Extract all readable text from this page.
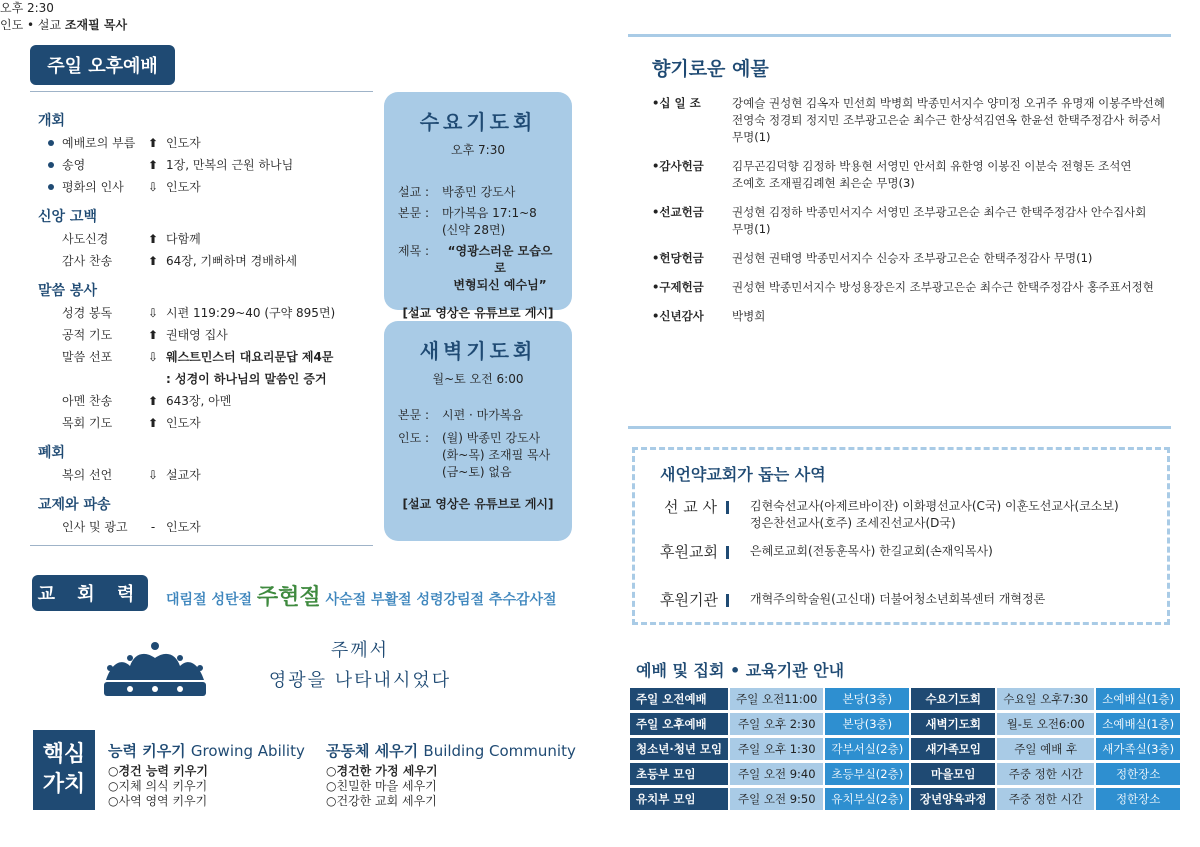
주일 오후예배
오후 2:30
인도 • 설교 조재필 목사
개회
예배로의 부름 ⬆ 인도자
송영	⬆ 1장, 만복의 근원 하나님
평화의 인사 ⇩ 인도자
신앙 고백
사도신경	⬆ 다함께
감사 찬송	⬆ 64장, 기뻐하며 경배하세
말씀 봉사
성경 봉독	⇩ 시편 119:29~40 (구약 895면)
공적 기도	⬆ 권태영 집사
말씀 선포	⇩ 웨스트민스터 대요리문답 제4문
: 성경이 하나님의 말씀인 증거
아멘 찬송	⬆ 643장, 아멘
목회 기도	⬆ 인도자
폐회
복의 선언	⇩ 설교자
교제와 파송
인사 및 광고	- 인도자
수요기도회
오후 7:30
설교 :	박종민 강도사
본문 :	마가복음 17:1~8
(신약 28면)
제목 :	“영광스러운 모습으로
변형되신 예수님”
[설교 영상은 유튜브로 게시]
새벽기도회
월~토 오전 6:00
본문 :	시편 · 마가복음
인도 :	(월) 박종민 강도사
(화~목) 조재필 목사
(금~토) 없음
[설교 영상은 유튜브로 게시]
교 회 력	대림절 성탄절 주현절 사순절 부활절 성령강림절 추수감사절
주께서
영광을 나타내시었다
핵심
가치
능력 키우기 Growing Ability

○경건 능력 키우기

○지체 의식 키우기

○사역 영역 키우기

공동체 세우기 Building Community

○경건한 가정 세우기

○친밀한 마을 세우기

○건강한 교회 세우기

향기로운 예물
•십 일 조	강예슬 권성현 김옥자 민선희 박병희 박종민서지수 양미정 오귀주 유명재 이봉주박선혜
전영숙 정경퇴 정지민 조부광고은순 최수근 한상석김연옥 한윤선 한택주정감사 허증서
무명(1)
•감사헌금	김무곤김덕향 김정하 박용현 서영민 안서희 유한영 이봉진 이분숙 전형돈 조석연
조예호 조재필김례현 최은순 무명(3)
•선교헌금	권성현 김정하 박종민서지수 서영민 조부광고은순 최수근 한택주정감사 안수집사회
무명(1)
•헌당헌금	권성현 권태영 박종민서지수 신승자 조부광고은순 한택주정감사 무명(1)
•구제헌금	권성현 박종민서지수 방성용장은지 조부광고은순 최수근 한택주정감사 홍주표서정현
•신년감사	박병희
새언약교회가 돕는 사역
선 교 사	김현숙선교사(아제르바이잔) 이화평선교사(C국) 이훈도선교사(코소보)
정은찬선교사(호주) 조세진선교사(D국)
후원교회	은혜로교회(전동훈목사) 한길교회(손재익목사)
후원기관	개혁주의학술원(고신대) 더불어청소년회복센터 개혁정론
예배 및 집회 • 교육기관 안내
주일 오전예배	주일 오전11:00	본당(3층)	수요기도회	수요일 오후7:30	소예배실(1층)
주일 오후예배	주일 오후 2:30	본당(3층)	새벽기도회	월-토 오전6:00	소예배실(1층)
청소년·청년 모임	주일 오후 1:30	각부서실(2층)	새가족모임	주일 예배 후	새가족실(3층)
초등부 모임	주일 오전 9:40	초등부실(2층)	마을모임	주중 정한 시간	정한장소
유치부 모임	주일 오전 9:50	유치부실(2층)	장년양육과정	주중 정한 시간	정한장소
